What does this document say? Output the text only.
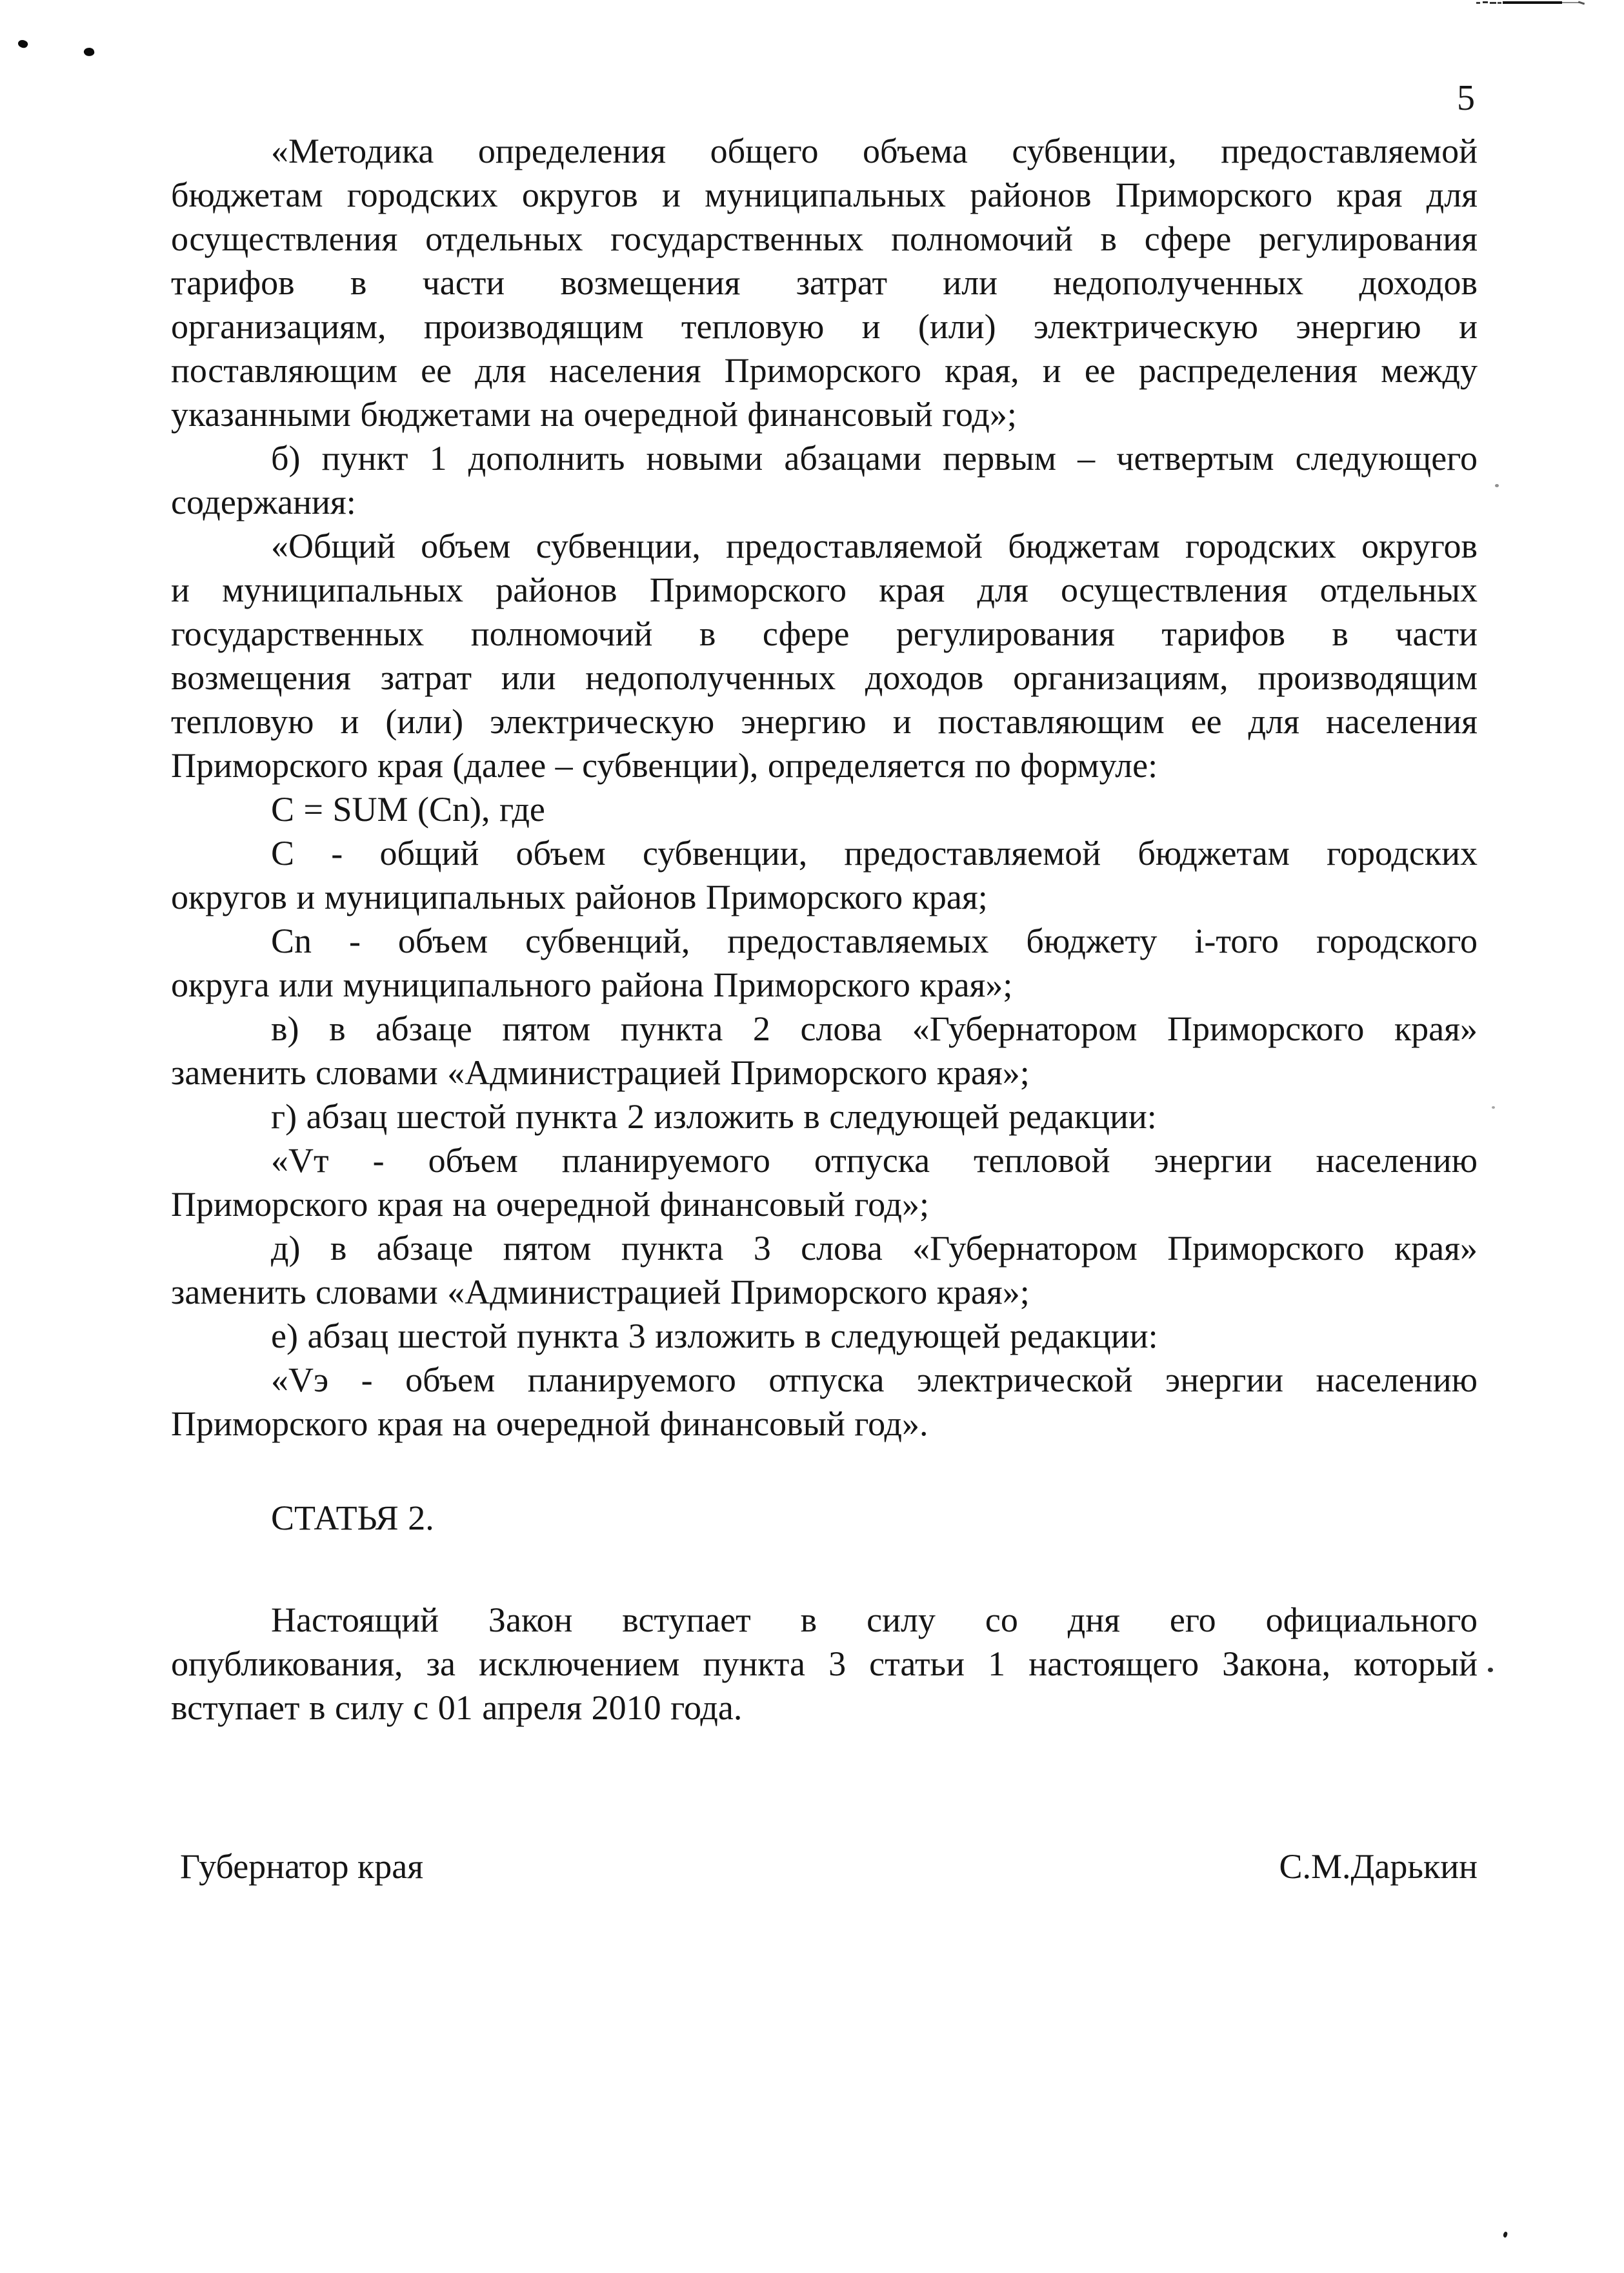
5
«Методика определения общего объема субвенции, предоставляемой
бюджетам городских округов и муниципальных районов Приморского края для
осуществления отдельных государственных полномочий в сфере регулирования
тарифов в части возмещения затрат или недополученных доходов
организациям, производящим тепловую и (или) электрическую энергию и
поставляющим ее для населения Приморского края, и ее распределения между
указанными бюджетами на очередной финансовый год»;
б) пункт 1 дополнить новыми абзацами первым – четвертым следующего
содержания:
«Общий объем субвенции, предоставляемой бюджетам городских округов
и муниципальных районов Приморского края для осуществления отдельных
государственных полномочий в сфере регулирования тарифов в части
возмещения затрат или недополученных доходов организациям, производящим
тепловую и (или) электрическую энергию и поставляющим ее для населения
Приморского края (далее – субвенции), определяется по формуле:
С = SUM (Сn), где
С - общий объем субвенции, предоставляемой бюджетам городских
округов и муниципальных районов Приморского края;
Сn - объем субвенций, предоставляемых бюджету i-того городского
округа или муниципального района Приморского края»;
в) в абзаце пятом пункта 2 слова «Губернатором Приморского края»
заменить словами «Администрацией Приморского края»;
г) абзац шестой пункта 2 изложить в следующей редакции:
«Vт - объем планируемого отпуска тепловой энергии населению
Приморского края на очередной финансовый год»;
д) в абзаце пятом пункта 3 слова «Губернатором Приморского края»
заменить словами «Администрацией Приморского края»;
е) абзац шестой пункта 3 изложить в следующей редакции:
«Vэ - объем планируемого отпуска электрической энергии населению
Приморского края на очередной финансовый год».
СТАТЬЯ 2.
Настоящий Закон вступает в силу со дня его официального
опубликования, за исключением пункта 3 статьи 1 настоящего Закона, который
вступает в силу с 01 апреля 2010 года.
Губернатор края	С.М.Дарькин
